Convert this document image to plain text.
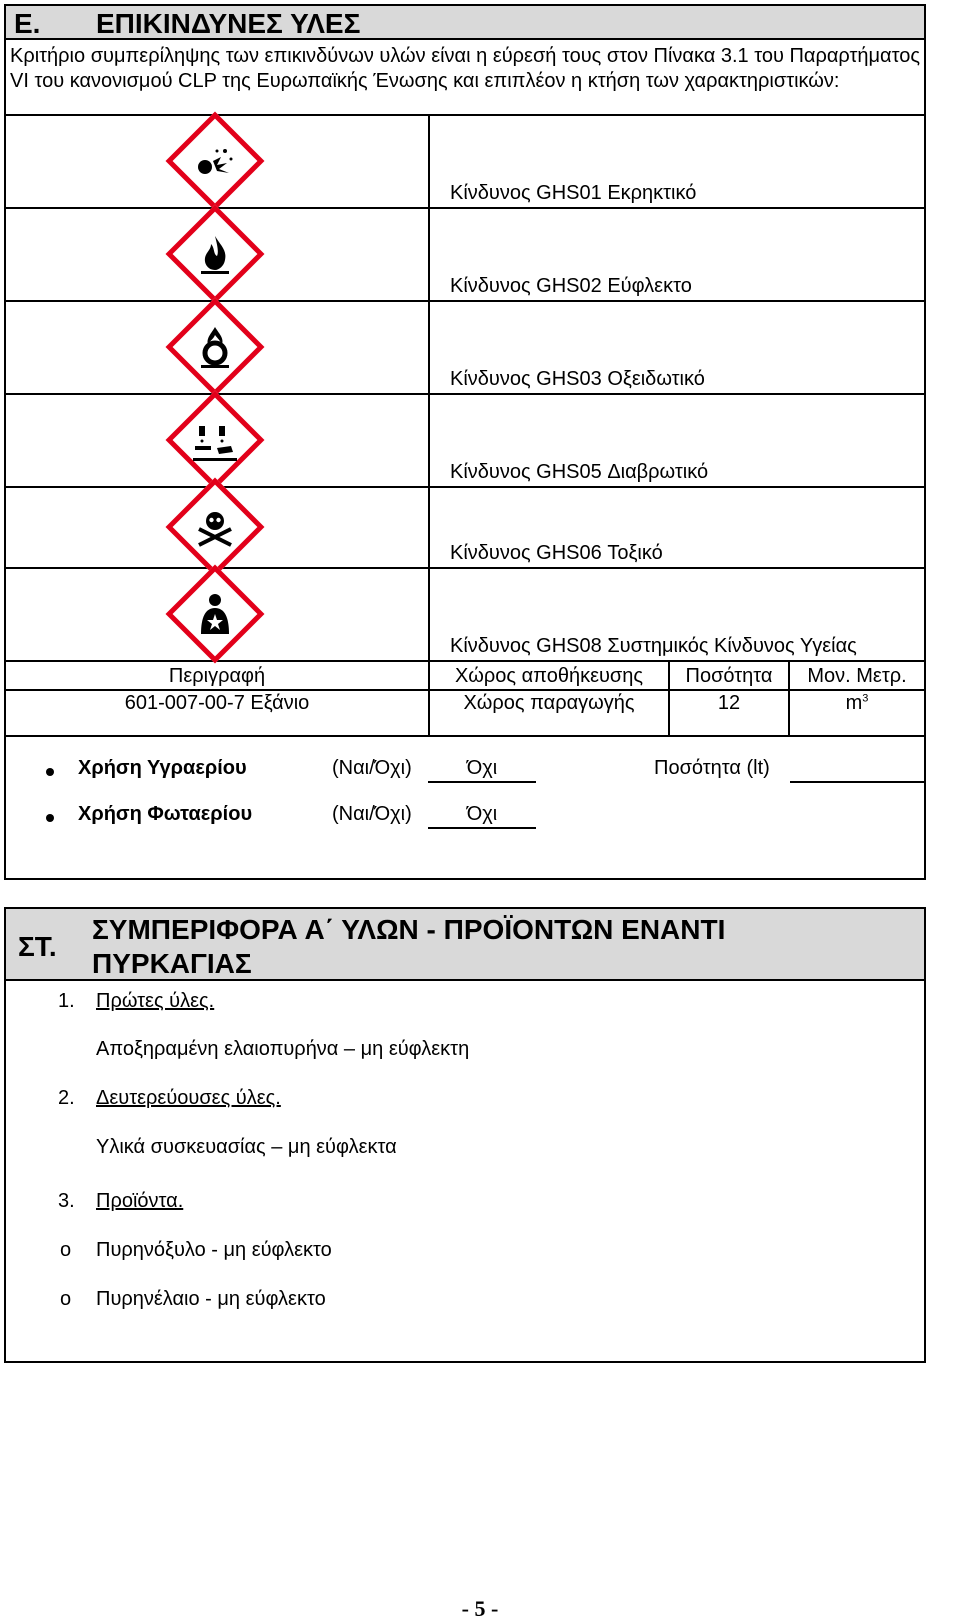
Ε. ΕΠΙΚΙΝΔΥΝΕΣ ΥΛΕΣ
Κριτήριο συμπερίληψης των επικινδύνων υλών είναι η εύρεσή τους στον Πίνακα 3.1 του Παραρτήματος VI του κανονισμού CLP της Ευρωπαϊκής Ένωσης και επιπλέον η κτήση των χαρακτηριστικών:
Κίνδυνος GHS01 Εκρηκτικό
Κίνδυνος GHS02 Εύφλεκτο
Κίνδυνος GHS03 Οξειδωτικό
Κίνδυνος GHS05 Διαβρωτικό
Κίνδυνος GHS06 Τοξικό
Κίνδυνος GHS08 Συστημικός Κίνδυνος Υγείας
Περιγραφή	Χώρος αποθήκευσης	Ποσότητα	Μον. Μετρ.
601-007-00-7 Εξάνιο	Χώρος παραγωγής	12	$m^3$
Χρήση Υγραερίου	(Ναι/Όχι)	Όχι	Ποσότητα (lt)
Χρήση Φωταερίου	(Ναι/Όχι)	Όχι
ΣΤ.
ΣΥΜΠΕΡΙΦΟΡΑ Α΄ ΥΛΩΝ - ΠΡΟΪΟΝΤΩΝ ΕΝΑΝΤΙ
ΠΥΡΚΑΓΙΑΣ
1. Πρώτες ύλες.
Αποξηραμένη ελαιοπυρήνα – μη εύφλεκτη
2. Δευτερεύουσες ύλες.
Υλικά συσκευασίας – μη εύφλεκτα
3. Προϊόντα.
o Πυρηνόξυλο - μη εύφλεκτο
o Πυρηνέλαιο - μη εύφλεκτο
- 5 -
